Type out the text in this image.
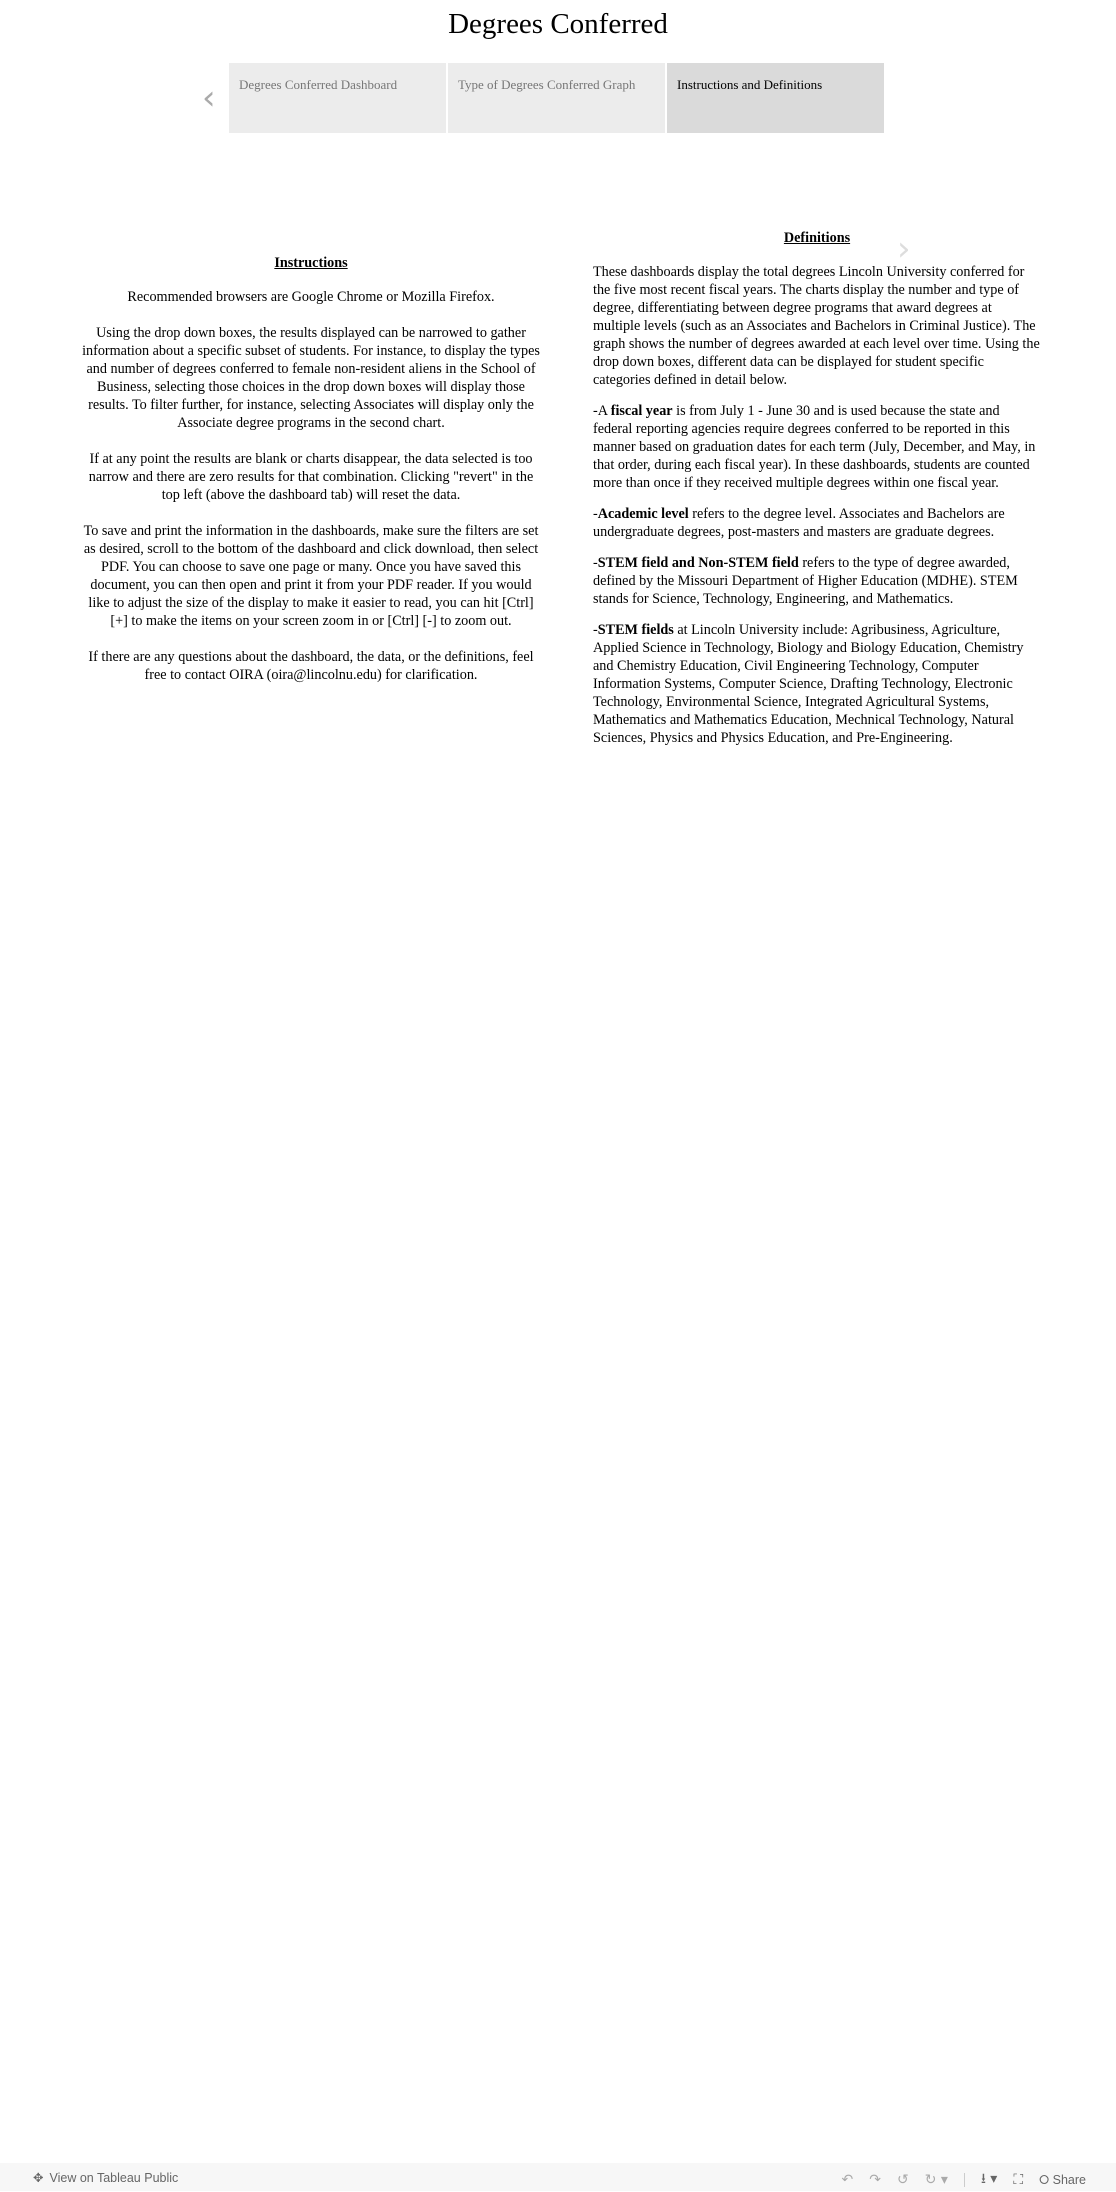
Degrees Conferred
‹	Degrees Conferred Dashboard	Type of Degrees Conferred Graph	Instructions and Definitions
›
Instructions

Recommended browsers are Google Chrome or Mozilla Firefox.

Using the drop down boxes, the results displayed can be narrowed to gather information about a specific subset of students. For instance, to display the types and number of degrees conferred to female non-resident aliens in the School of Business, selecting those choices in the drop down boxes will display those results. To filter further, for instance, selecting Associates will display only the Associate degree programs in the second chart.

If at any point the results are blank or charts disappear, the data selected is too narrow and there are zero results for that combination. Clicking "revert" in the top left (above the dashboard tab) will reset the data.

To save and print the information in the dashboards, make sure the filters are set as desired, scroll to the bottom of the dashboard and click download, then select PDF. You can choose to save one page or many. Once you have saved this document, you can then open and print it from your PDF reader. If you would like to adjust the size of the display to make it easier to read, you can hit [Ctrl] [+] to make the items on your screen zoom in or [Ctrl] [-] to zoom out.

If there are any questions about the dashboard, the data, or the definitions, feel free to contact OIRA (oira@lincolnu.edu) for clarification.

Definitions

These dashboards display the total degrees Lincoln University conferred for the five most recent fiscal years. The charts display the number and type of degree, differentiating between degree programs that award degrees at multiple levels (such as an Associates and Bachelors in Criminal Justice). The graph shows the number of degrees awarded at each level over time. Using the drop down boxes, different data can be displayed for student specific categories defined in detail below.

-A fiscal year is from July 1 - June 30 and is used because the state and federal reporting agencies require degrees conferred to be reported in this manner based on graduation dates for each term (July, December, and May, in that order, during each fiscal year). In these dashboards, students are counted more than once if they received multiple degrees within one fiscal year.

-Academic level refers to the degree level. Associates and Bachelors are undergraduate degrees, post-masters and masters are graduate degrees.

-STEM field and Non-STEM field refers to the type of degree awarded, defined by the Missouri Department of Higher Education (MDHE). STEM stands for Science, Technology, Engineering, and Mathematics.

-STEM fields at Lincoln University include: Agribusiness, Agriculture, Applied Science in Technology, Biology and Biology Education, Chemistry and Chemistry Education, Civil Engineering Technology, Computer Information Systems, Computer Science, Drafting Technology, Electronic Technology, Environmental Science, Integrated Agricultural Systems, Mathematics and Mathematics Education, Mechnical Technology, Natural Sciences, Physics and Physics Education, and Pre-Engineering.

✥ View on Tableau Public	↶ ↷ ↺ ↻ ▾ ⭳ ▾ ⛶ ⭘ Share
